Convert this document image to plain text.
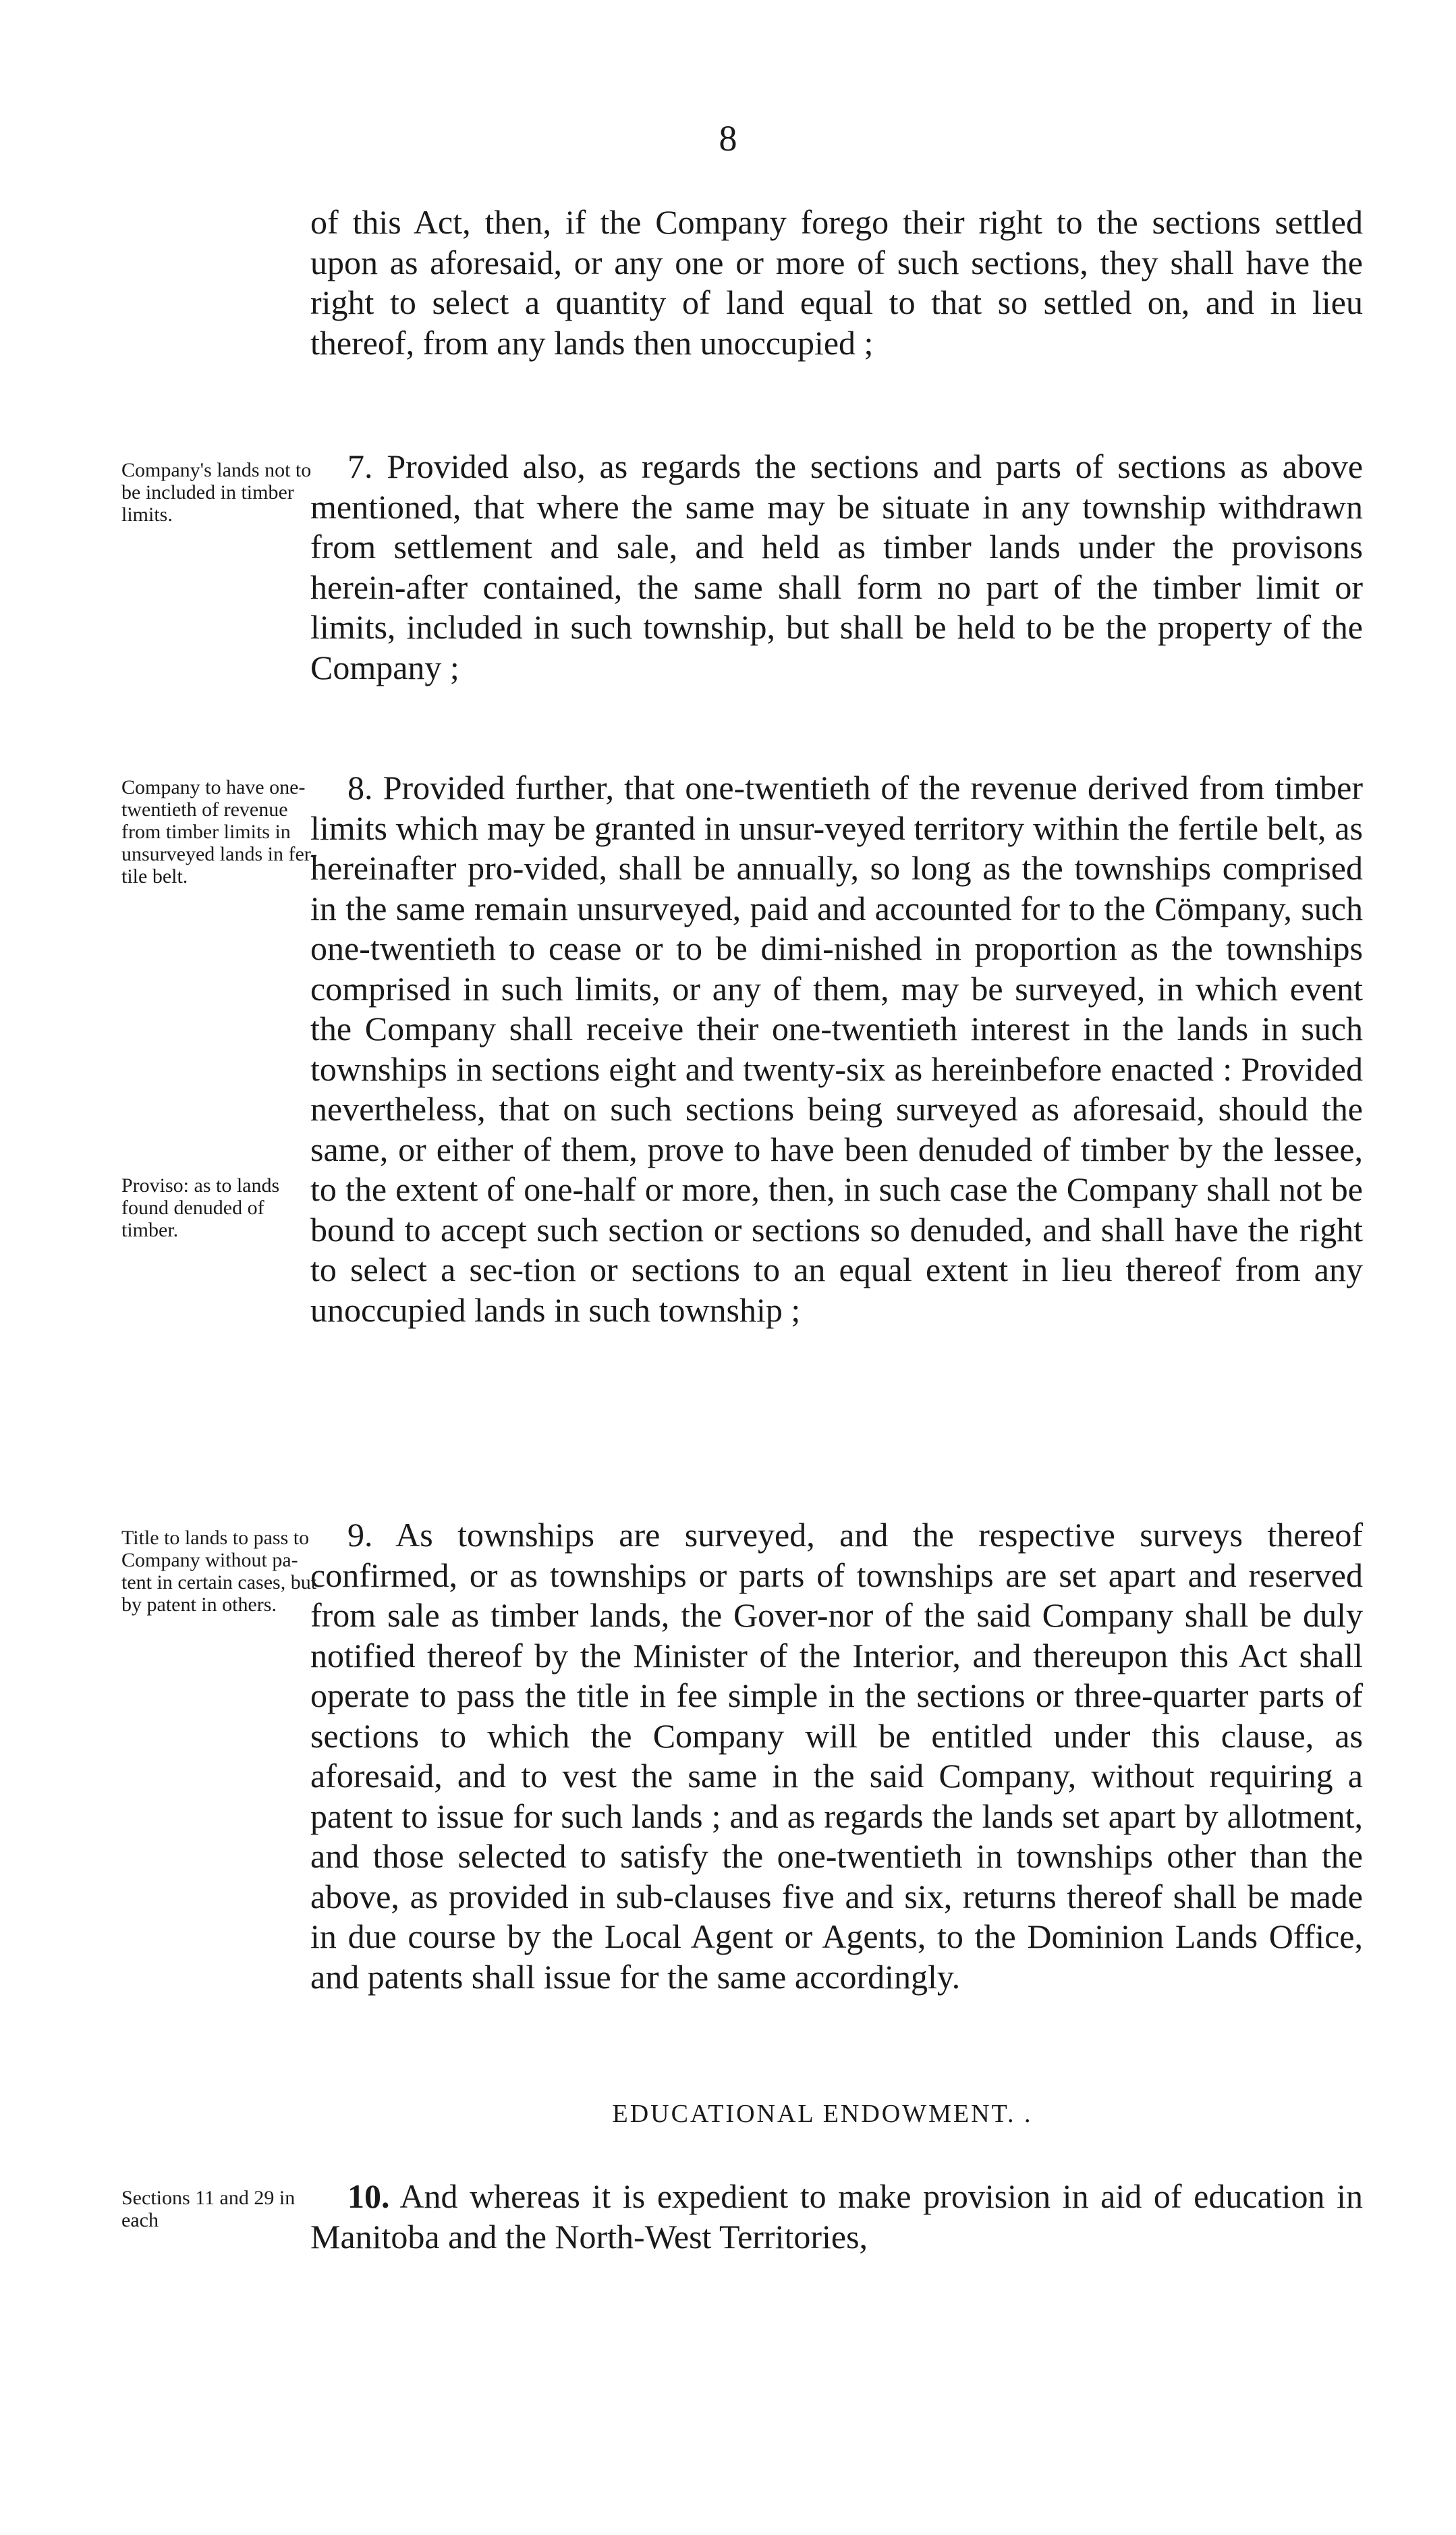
8

of this Act, then, if the Company forego their right to the sections settled upon as aforesaid, or any one or more of such sections, they shall have the right to select a quantity of land equal to that so settled on, and in lieu thereof, from any lands then unoccupied ;

Company's lands not to be included in timber limits.

7. Provided also, as regards the sections and parts of sections as above mentioned, that where the same may be situate in any township withdrawn from settlement and sale, and held as timber lands under the provisons herein-after contained, the same shall form no part of the timber limit or limits, included in such township, but shall be held to be the property of the Company ;

Company to have one-twentieth of revenue from timber limits in unsurveyed lands in fer-tile belt.
Proviso: as to lands found denuded of timber.

8. Provided further, that one-twentieth of the revenue derived from timber limits which may be granted in unsur-veyed territory within the fertile belt, as hereinafter pro-vided, shall be annually, so long as the townships comprised in the same remain unsurveyed, paid and accounted for to the Cömpany, such one-twentieth to cease or to be dimi-nished in proportion as the townships comprised in such limits, or any of them, may be surveyed, in which event the Company shall receive their one-twentieth interest in the lands in such townships in sections eight and twenty-six as hereinbefore enacted : Provided nevertheless, that on such sections being surveyed as aforesaid, should the same, or either of them, prove to have been denuded of timber by the lessee, to the extent of one-half or more, then, in such case the Company shall not be bound to accept such section or sections so denuded, and shall have the right to select a sec-tion or sections to an equal extent in lieu thereof from any unoccupied lands in such township ;

Title to lands to pass to Company without pa-tent in certain cases, but by patent in others.

9. As townships are surveyed, and the respective surveys thereof confirmed, or as townships or parts of townships are set apart and reserved from sale as timber lands, the Gover-nor of the said Company shall be duly notified thereof by the Minister of the Interior, and thereupon this Act shall operate to pass the title in fee simple in the sections or three-quarter parts of sections to which the Company will be entitled under this clause, as aforesaid, and to vest the same in the said Company, without requiring a patent to issue for such lands ; and as regards the lands set apart by allotment, and those selected to satisfy the one-twentieth in townships other than the above, as provided in sub-clauses five and six, returns thereof shall be made in due course by the Local Agent or Agents, to the Dominion Lands Office, and patents shall issue for the same accordingly.

EDUCATIONAL ENDOWMENT. .
Sections 11 and 29 in each

10. And whereas it is expedient to make provision in aid of education in Manitoba and the North-West Territories,
